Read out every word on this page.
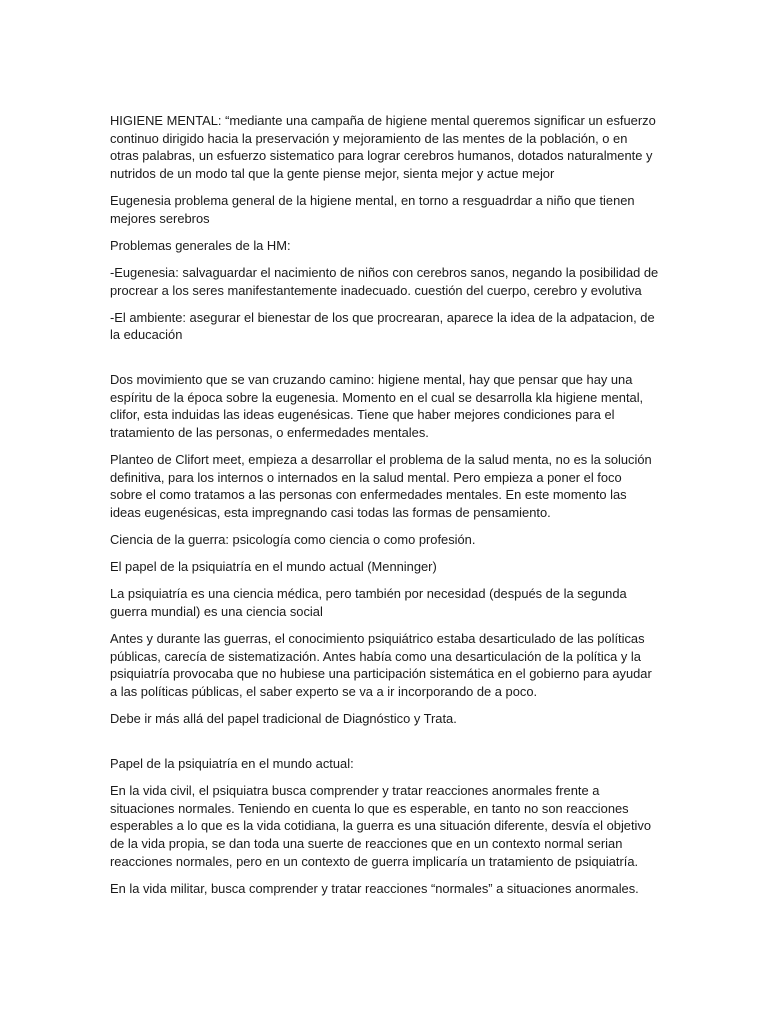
HIGIENE MENTAL: “mediante una campaña de higiene mental queremos significar un esfuerzo
continuo dirigido hacia la preservación y mejoramiento de las mentes de la población, o en
otras palabras, un esfuerzo sistematico para lograr cerebros humanos, dotados naturalmente y
nutridos de un modo tal que la gente piense mejor, sienta mejor y actue mejor

Eugenesia problema general de la higiene mental, en torno a resguadrdar a niño que tienen
mejores serebros

Problemas generales de la HM:

-Eugenesia: salvaguardar el nacimiento de niños con cerebros sanos, negando la posibilidad de
procrear a los seres manifestantemente inadecuado. cuestión del cuerpo, cerebro y evolutiva

-El ambiente: asegurar el bienestar de los que procrearan, aparece la idea de la adpatacion, de
la educación

Dos movimiento que se van cruzando camino: higiene mental, hay que pensar que hay una
espíritu de la época sobre la eugenesia. Momento en el cual se desarrolla kla higiene mental,
clifor, esta induidas las ideas eugenésicas. Tiene que haber mejores condiciones para el
tratamiento de las personas, o enfermedades mentales.

Planteo de Clifort meet, empieza a desarrollar el problema de la salud menta, no es la solución
definitiva, para los internos o internados en la salud mental. Pero empieza a poner el foco
sobre el como tratamos a las personas con enfermedades mentales. En este momento las
ideas eugenésicas, esta impregnando casi todas las formas de pensamiento.

Ciencia de la guerra: psicología como ciencia o como profesión.

El papel de la psiquiatría en el mundo actual (Menninger)

La psiquiatría es una ciencia médica, pero también por necesidad (después de la segunda
guerra mundial) es una ciencia social

Antes y durante las guerras, el conocimiento psiquiátrico estaba desarticulado de las políticas
públicas, carecía de sistematización. Antes había como una desarticulación de la política y la
psiquiatría provocaba que no hubiese una participación sistemática en el gobierno para ayudar
a las políticas públicas, el saber experto se va a ir incorporando de a poco.

Debe ir más allá del papel tradicional de Diagnóstico y Trata.

Papel de la psiquiatría en el mundo actual:

En la vida civil, el psiquiatra busca comprender y tratar reacciones anormales frente a
situaciones normales. Teniendo en cuenta lo que es esperable, en tanto no son reacciones
esperables a lo que es la vida cotidiana, la guerra es una situación diferente, desvía el objetivo
de la vida propia, se dan toda una suerte de reacciones que en un contexto normal serian
reacciones normales, pero en un contexto de guerra implicaría un tratamiento de psiquiatría.

En la vida militar, busca comprender y tratar reacciones “normales” a situaciones anormales.
